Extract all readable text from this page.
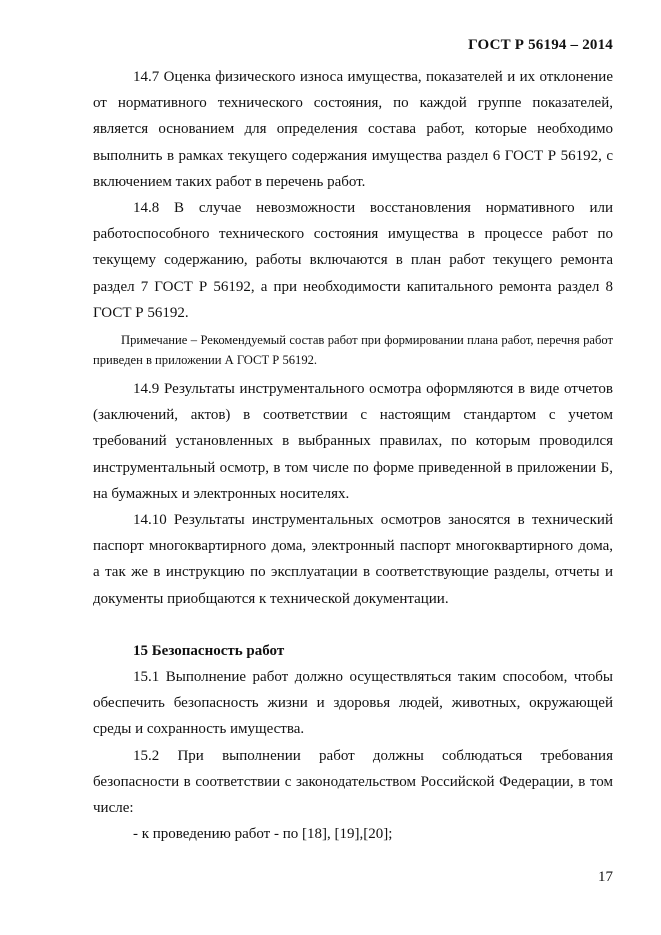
ГОСТ Р 56194 – 2014

14.7 Оценка физического износа имущества, показателей и их отклонение от нормативного технического состояния, по каждой группе показателей, является основанием для определения состава работ, которые необходимо выполнить в рамках текущего содержания имущества раздел 6 ГОСТ Р 56192, с включением таких работ в перечень работ.

14.8 В случае невозможности восстановления нормативного или работоспособного технического состояния имущества в процессе работ по текущему содержанию, работы включаются в план работ текущего ремонта раздел 7 ГОСТ Р 56192, а при необходимости капитального ремонта раздел 8 ГОСТ Р 56192.

Примечание – Рекомендуемый состав работ при формировании плана работ, перечня работ приведен в приложении А ГОСТ Р 56192.

14.9 Результаты инструментального осмотра оформляются в виде отчетов (заключений, актов) в соответствии с настоящим стандартом с учетом требований установленных в выбранных правилах, по которым проводился инструментальный осмотр, в том числе по форме приведенной в приложении Б, на бумажных и электронных носителях.

14.10 Результаты инструментальных осмотров заносятся в технический паспорт многоквартирного дома, электронный паспорт многоквартирного дома, а так же в инструкцию по эксплуатации в соответствующие разделы, отчеты и документы приобщаются к технической документации.

15 Безопасность работ

15.1 Выполнение работ должно осуществляться таким способом, чтобы обеспечить безопасность жизни и здоровья людей, животных, окружающей среды и сохранность имущества.

15.2 При выполнении работ должны соблюдаться требования безопасности в соответствии с законодательством Российской Федерации, в том числе:

- к проведению работ - по [18], [19],[20];

17
